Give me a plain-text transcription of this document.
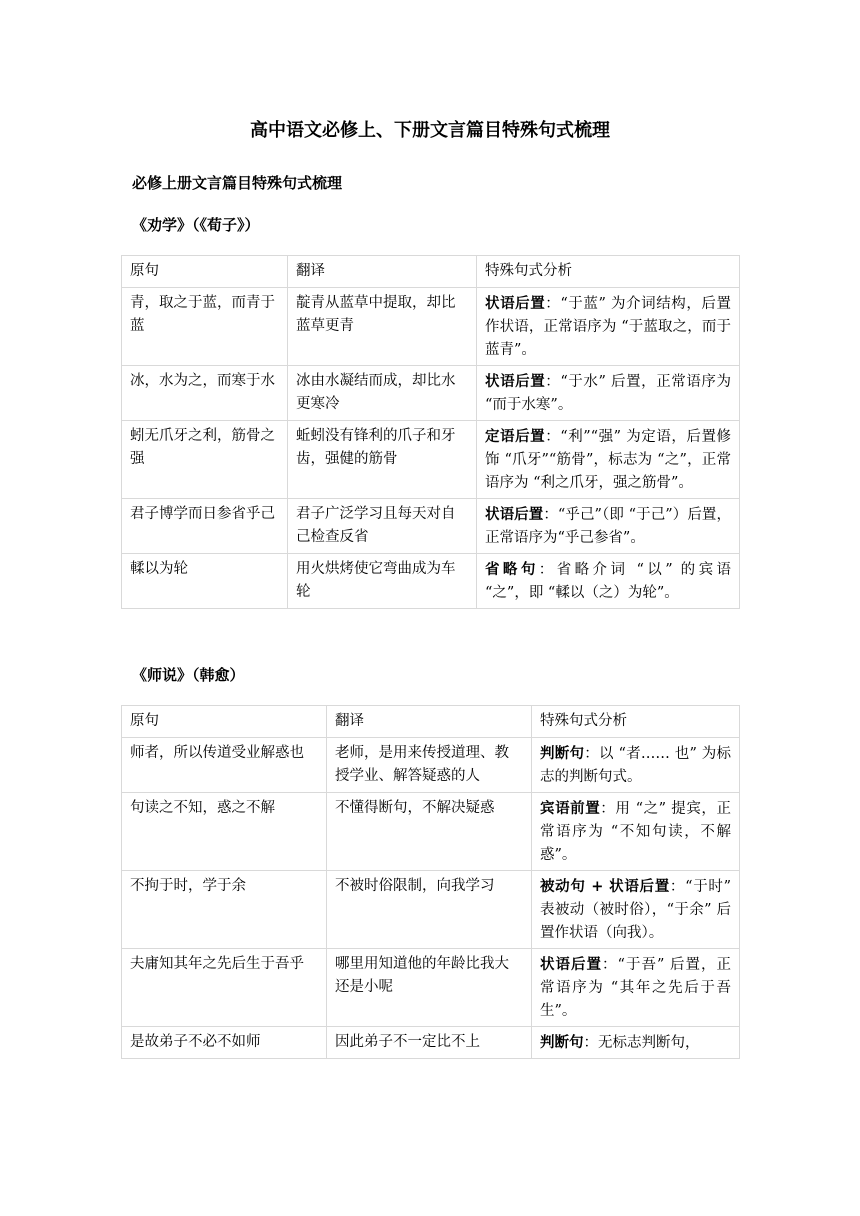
高中语文必修上、下册文言篇目特殊句式梳理
必修上册文言篇目特殊句式梳理
《劝学》（《荀子》）
原句	翻译	特殊句式分析
青，取之于蓝，而青于蓝	靛青从蓝草中提取，却比蓝草更青	状语后置：“于蓝” 为介词结构，后置作状语，正常语序为 “于蓝取之，而于蓝青”。
冰，水为之，而寒于水	冰由水凝结而成，却比水更寒冷	状语后置：“于水” 后置，正常语序为 “而于水寒”。
蚓无爪牙之利，筋骨之强	蚯蚓没有锋利的爪子和牙齿，强健的筋骨	定语后置：“利”“强” 为定语，后置修饰 “爪牙”“筋骨”，标志为 “之”，正常语序为 “利之爪牙，强之筋骨”。
君子博学而日参省乎己	君子广泛学习且每天对自己检查反省	状语后置：“乎己”（即 “于己”）后置，正常语序为“乎己参省”。
輮以为轮	用火烘烤使它弯曲成为车轮	省略句：省略介词 “以” 的宾语 “之”，即 “輮以（之）为轮”。
《师说》（韩愈）
原句	翻译	特殊句式分析
师者，所以传道受业解惑也	老师，是用来传授道理、教授学业、解答疑惑的人	判断句：以 “者…… 也” 为标志的判断句式。
句读之不知，惑之不解	不懂得断句，不解决疑惑	宾语前置：用 “之” 提宾，正常语序为 “不知句读，不解惑”。
不拘于时，学于余	不被时俗限制，向我学习	被动句 + 状语后置：“于时” 表被动（被时俗），“于余” 后置作状语（向我）。
夫庸知其年之先后生于吾乎	哪里用知道他的年龄比我大还是小呢	状语后置：“于吾” 后置，正常语序为 “其年之先后于吾生”。
是故弟子不必不如师	因此弟子不一定比不上	判断句：无标志判断句，
